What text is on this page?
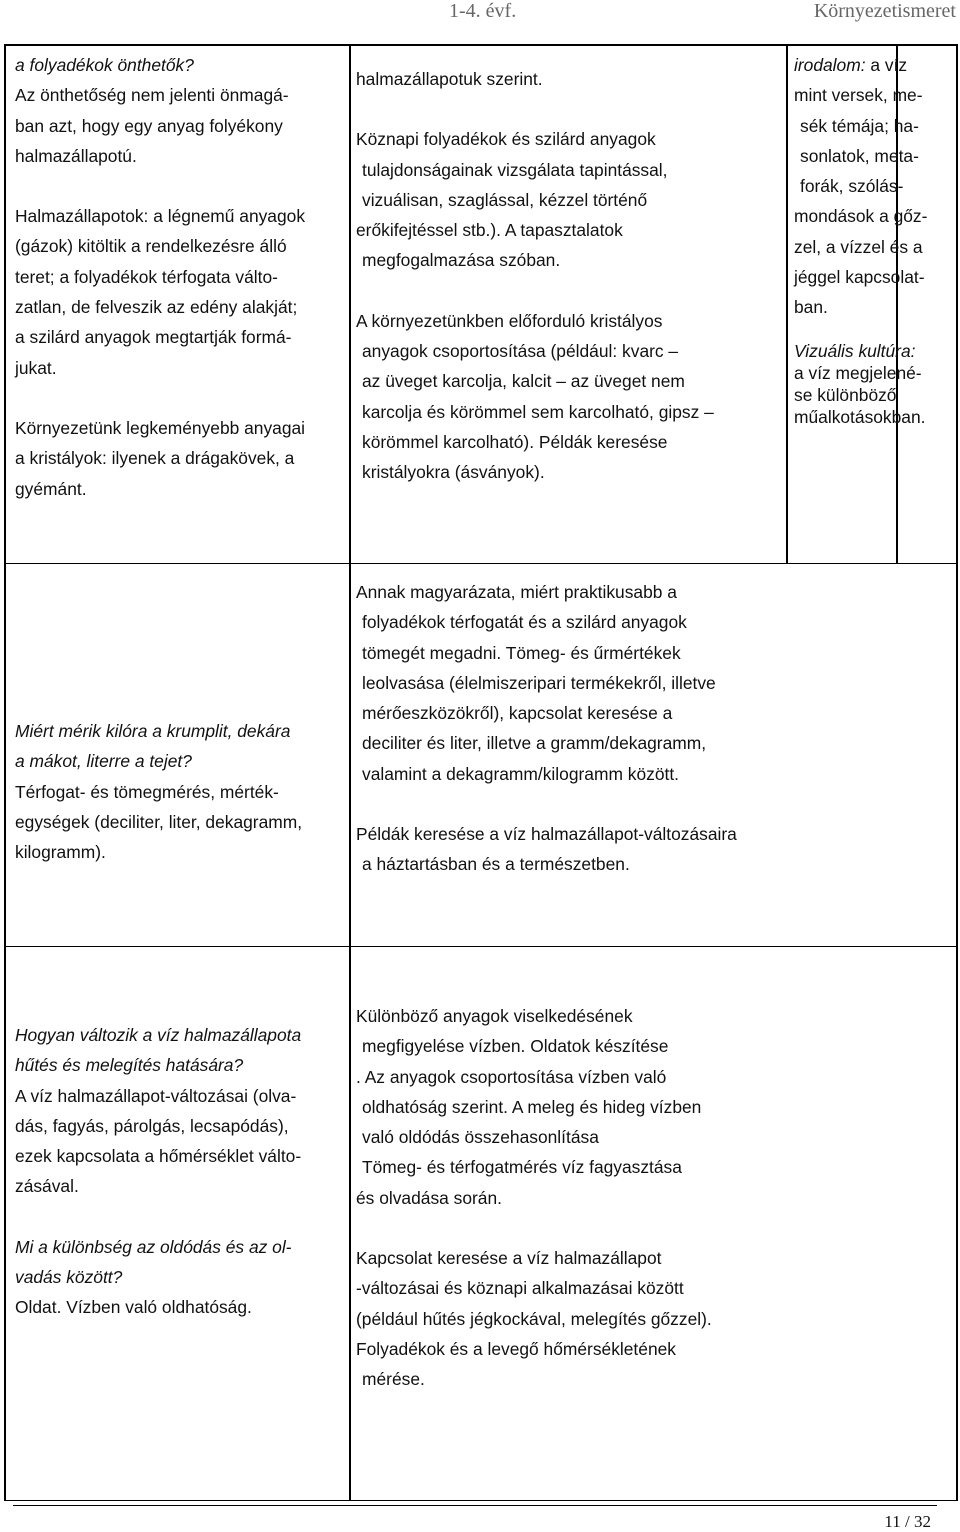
1-4. évf.	Környezetismeret

a folyadékok önthetők?

Az önthetőség nem jelenti önmagá-

ban azt, hogy egy anyag folyékony

halmazállapotú.

Halmazállapotok: a légnemű anyagok

(gázok) kitöltik a rendelkezésre álló

teret; a folyadékok térfogata válto-

zatlan, de felveszik az edény alakját;

a szilárd anyagok megtartják formá-

jukat.

Környezetünk legkeményebb anyagai

a kristályok: ilyenek a drágakövek, a

gyémánt.

halmazállapotuk szerint.

Köznapi folyadékok és szilárd anyagok

tulajdonságainak vizsgálata tapintással,

vizuálisan, szaglással, kézzel történő

erőkifejtéssel stb.). A tapasztalatok

megfogalmazása szóban.

A környezetünkben előforduló kristályos

anyagok csoportosítása (például: kvarc –

az üveget karcolja, kalcit – az üveget nem

karcolja és körömmel sem karcolható, gipsz –

körömmel karcolható). Példák keresése

kristályokra (ásványok).

irodalom: a víz

mint versek, me-

sék témája; ha-

sonlatok, meta-

forák, szólás-

mondások a gőz-

zel, a vízzel és a

jéggel kapcsolat-

ban.

Vizuális kultúra:

a víz megjelené-

se különböző

műalkotásokban.

Miért mérik kilóra a krumplit, dekára

a mákot, literre a tejet?

Térfogat- és tömegmérés, mérték-

egységek (deciliter, liter, dekagramm,

kilogramm).

Annak magyarázata, miért praktikusabb a

folyadékok térfogatát és a szilárd anyagok

tömegét megadni. Tömeg- és űrmértékek

leolvasása (élelmiszeripari termékekről, illetve

mérőeszközökről), kapcsolat keresése a

deciliter és liter, illetve a gramm/dekagramm,

valamint a dekagramm/kilogramm között.

Példák keresése a víz halmazállapot-változásaira

a háztartásban és a természetben.

Hogyan változik a víz halmazállapota

hűtés és melegítés hatására?

A víz halmazállapot-változásai (olva-

dás, fagyás, párolgás, lecsapódás),

ezek kapcsolata a hőmérséklet válto-

zásával.

Mi a különbség az oldódás és az ol-

vadás között?

Oldat. Vízben való oldhatóság.

Különböző anyagok viselkedésének

megfigyelése vízben. Oldatok készítése

. Az anyagok csoportosítása vízben való

oldhatóság szerint. A meleg és hideg vízben

való oldódás összehasonlítása

Tömeg- és térfogatmérés víz fagyasztása

és olvadása során.

Kapcsolat keresése a víz halmazállapot

-változásai és köznapi alkalmazásai között

(például hűtés jégkockával, melegítés gőzzel).

Folyadékok és a levegő hőmérsékletének

mérése.

11 / 32
